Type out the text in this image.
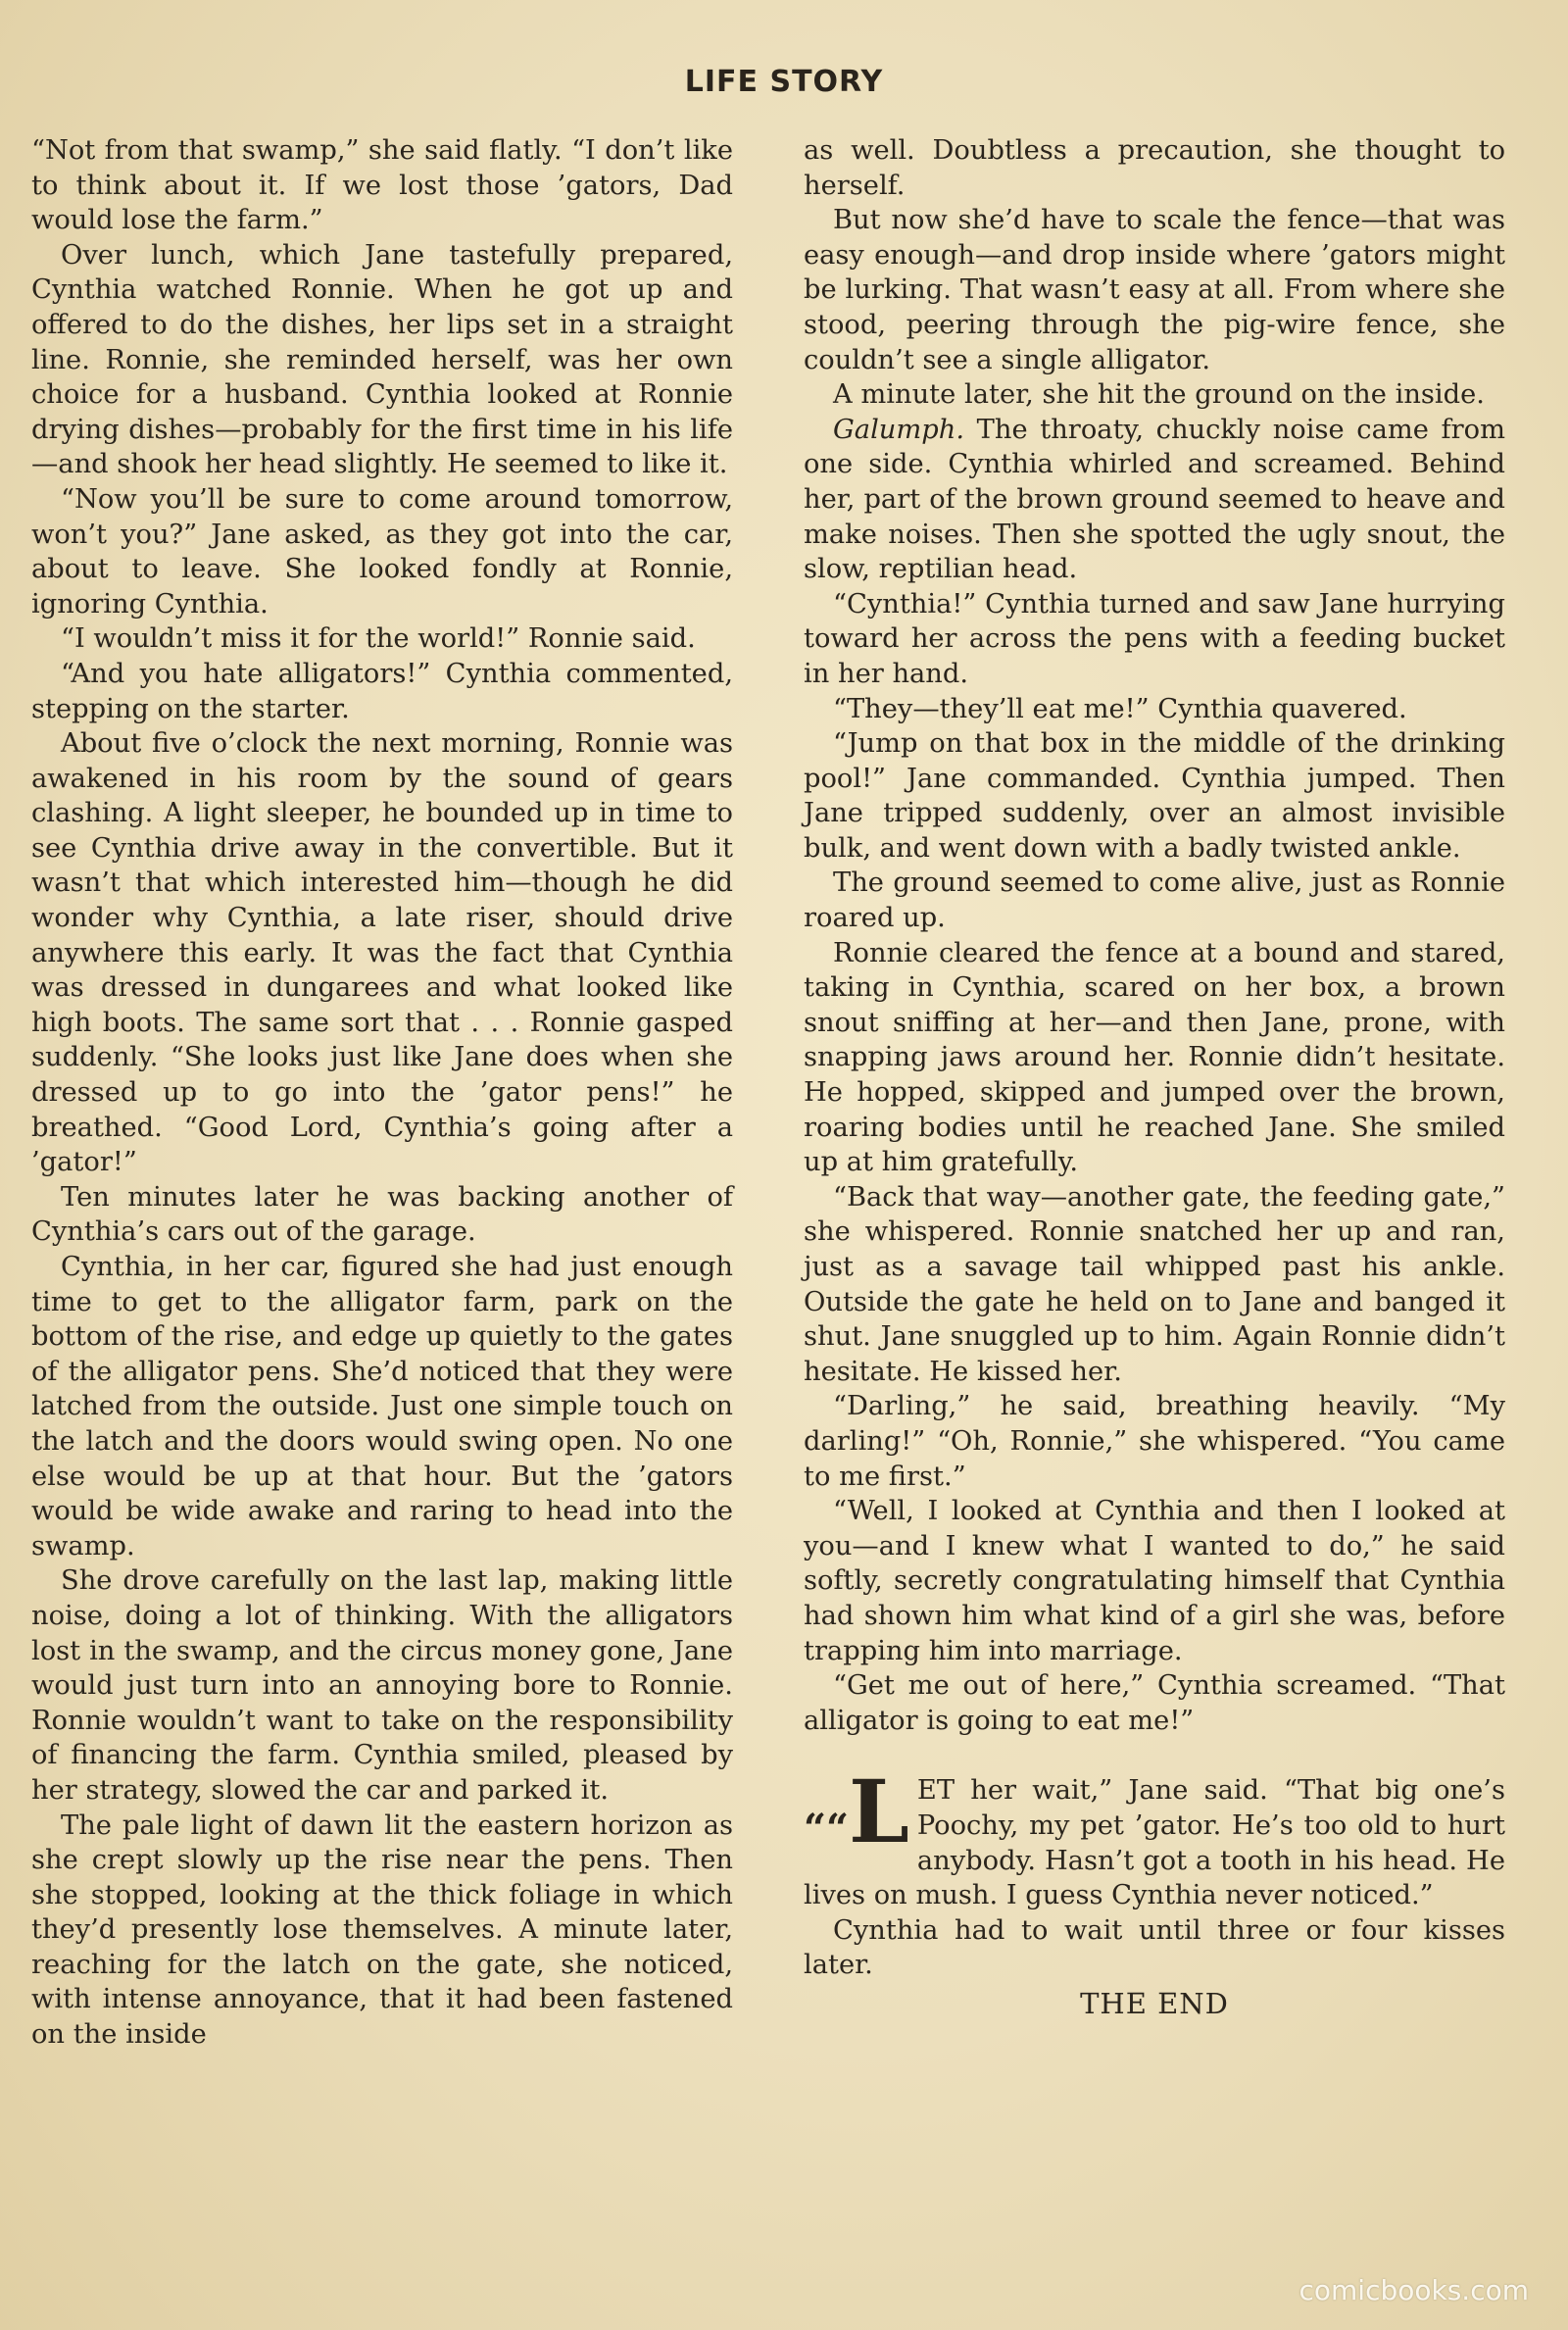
LIFE STORY

“Not from that swamp,” she said flatly. “I don’t like to think about it. If we lost those ’gators, Dad would lose the farm.”

Over lunch, which Jane tastefully prepared, Cynthia watched Ronnie. When he got up and offered to do the dishes, her lips set in a straight line. Ronnie, she reminded herself, was her own choice for a husband. Cynthia looked at Ronnie drying dishes—probably for the first time in his life—and shook her head slightly. He seemed to like it.

“Now you’ll be sure to come around tomorrow, won’t you?” Jane asked, as they got into the car, about to leave. She looked fondly at Ronnie, ignoring Cynthia.

“I wouldn’t miss it for the world!” Ronnie said.

“And you hate alligators!” Cynthia commented, stepping on the starter.

About five o’clock the next morning, Ronnie was awakened in his room by the sound of gears clashing. A light sleeper, he bounded up in time to see Cynthia drive away in the convertible. But it wasn’t that which interested him—though he did wonder why Cynthia, a late riser, should drive anywhere this early. It was the fact that Cynthia was dressed in dungarees and what looked like high boots. The same sort that . . . Ronnie gasped suddenly. “She looks just like Jane does when she dressed up to go into the ’gator pens!” he breathed. “Good Lord, Cynthia’s going after a ’gator!”

Ten minutes later he was backing another of Cynthia’s cars out of the garage.

Cynthia, in her car, figured she had just enough time to get to the alligator farm, park on the bottom of the rise, and edge up quietly to the gates of the alligator pens. She’d noticed that they were latched from the outside. Just one simple touch on the latch and the doors would swing open. No one else would be up at that hour. But the ’gators would be wide awake and raring to head into the swamp.

She drove carefully on the last lap, making little noise, doing a lot of thinking. With the alligators lost in the swamp, and the circus money gone, Jane would just turn into an annoying bore to Ronnie. Ronnie wouldn’t want to take on the responsibility of financing the farm. Cynthia smiled, pleased by her strategy, slowed the car and parked it.

The pale light of dawn lit the eastern horizon as she crept slowly up the rise near the pens. Then she stopped, looking at the thick foliage in which they’d presently lose themselves. A minute later, reaching for the latch on the gate, she noticed, with intense annoyance, that it had been fastened on the inside

as well. Doubtless a precaution, she thought to herself.

But now she’d have to scale the fence—that was easy enough—and drop inside where ’gators might be lurking. That wasn’t easy at all. From where she stood, peering through the pig-wire fence, she couldn’t see a single alligator.

A minute later, she hit the ground on the inside.

Galumph. The throaty, chuckly noise came from one side. Cynthia whirled and screamed. Behind her, part of the brown ground seemed to heave and make noises. Then she spotted the ugly snout, the slow, reptilian head.

“Cynthia!” Cynthia turned and saw Jane hurrying toward her across the pens with a feeding bucket in her hand.

“They—they’ll eat me!” Cynthia quavered.

“Jump on that box in the middle of the drinking pool!” Jane commanded. Cynthia jumped. Then Jane tripped suddenly, over an almost invisible bulk, and went down with a badly twisted ankle.

The ground seemed to come alive, just as Ronnie roared up.

Ronnie cleared the fence at a bound and stared, taking in Cynthia, scared on her box, a brown snout sniffing at her—and then Jane, prone, with snapping jaws around her. Ronnie didn’t hesitate. He hopped, skipped and jumped over the brown, roaring bodies until he reached Jane. She smiled up at him gratefully.

“Back that way—another gate, the feeding gate,” she whispered. Ronnie snatched her up and ran, just as a savage tail whipped past his ankle. Outside the gate he held on to Jane and banged it shut. Jane snuggled up to him. Again Ronnie didn’t hesitate. He kissed her.

“Darling,” he said, breathing heavily. “My darling!” “Oh, Ronnie,” she whispered. “You came to me first.”

“Well, I looked at Cynthia and then I looked at you—and I knew what I wanted to do,” he said softly, secretly congratulating himself that Cynthia had shown him what kind of a girl she was, before trapping him into marriage.

“Get me out of here,” Cynthia screamed. “That alligator is going to eat me!”

““L ET her wait,” Jane said. “That big one’s Poochy, my pet ’gator. He’s too old to hurt anybody. Hasn’t got a tooth in his head. He lives on mush. I guess Cynthia never noticed.”

Cynthia had to wait until three or four kisses later.

THE END
comicbooks.com
